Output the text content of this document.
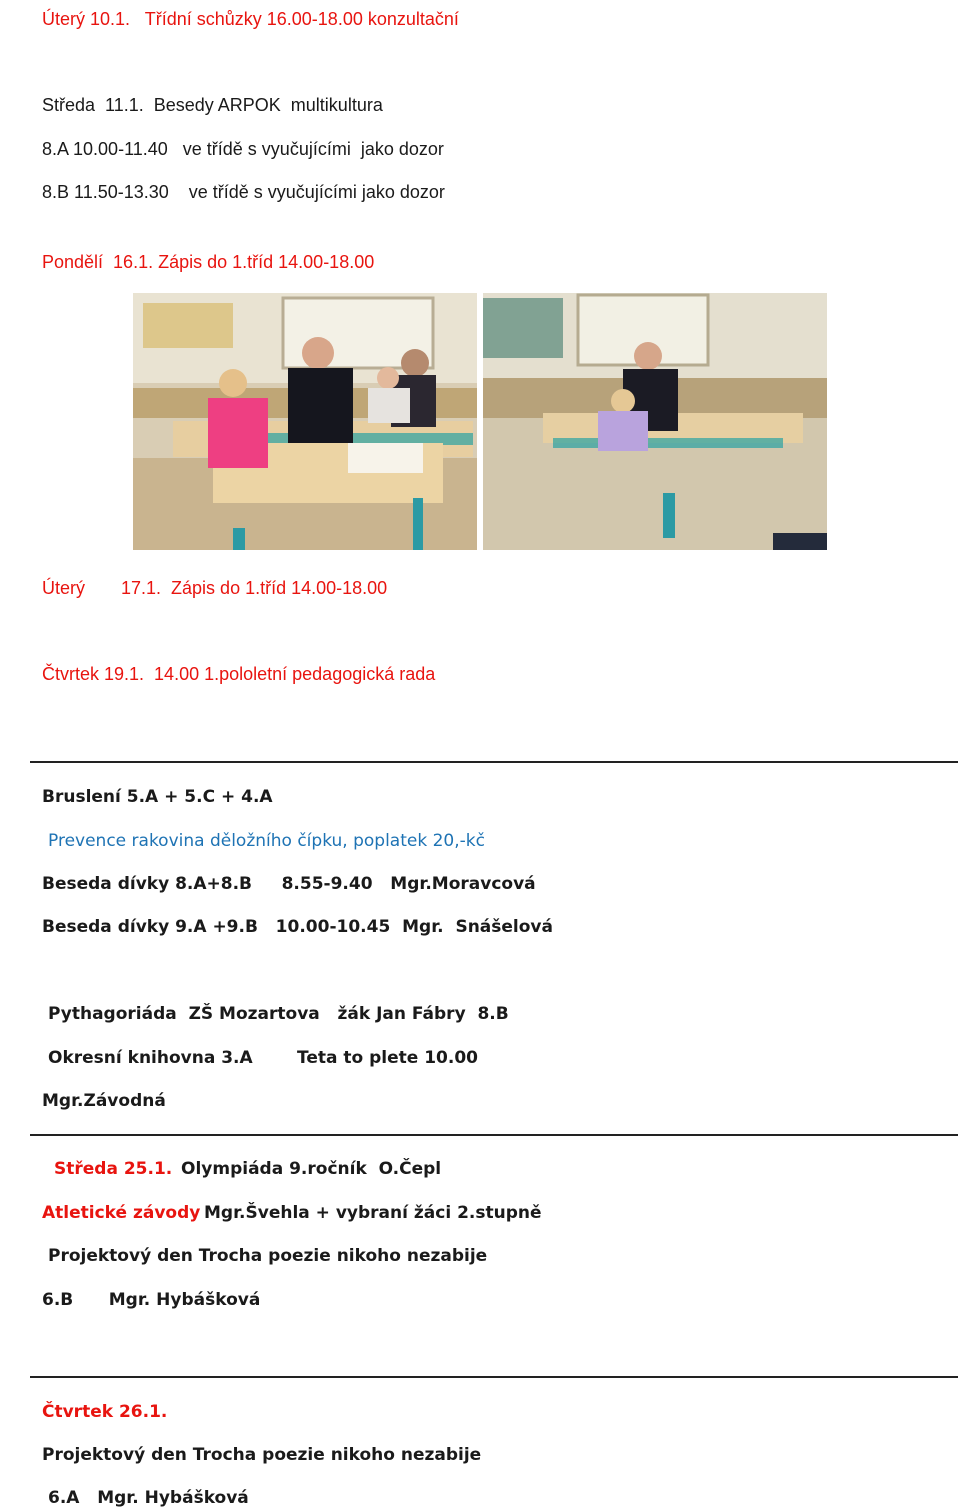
Úterý 10.1.   Třídní schůzky 16.00-18.00 konzultační
Středa  11.1.  Besedy ARPOK  multikultura
8.A 10.00-11.40   ve třídě s vyučujícími  jako dozor
8.B 11.50-13.30    ve třídě s vyučujícími jako dozor
Pondělí  16.1. Zápis do 1.tříd 14.00-18.00
Úterý 17.1.  Zápis do 1.tříd 14.00-18.00
Čtvrtek 19.1.  14.00 1.pololetní pedagogická rada
Bruslení 5.A + 5.C + 4.A
Prevence rakovina děložního čípku, poplatek 20,-kč
Beseda dívky 8.A+8.B     8.55-9.40   Mgr.Moravcová
Beseda dívky 9.A +9.B   10.00-10.45  Mgr.  Snášelová
Pythagoriáda  ZŠ Mozartova   žák Jan Fábry  8.B
Okresní knihovna 3.A	Teta to plete 10.00
Mgr.Závodná
Středa 25.1. Olympiáda 9.ročník  O.Čepl
Atletické závody Mgr.Švehla + vybraní žáci 2.stupně
Projektový den Trocha poezie nikoho nezabije
6.B      Mgr. Hybášková
Čtvrtek 26.1.
Projektový den Trocha poezie nikoho nezabije
6.A   Mgr. Hybášková
